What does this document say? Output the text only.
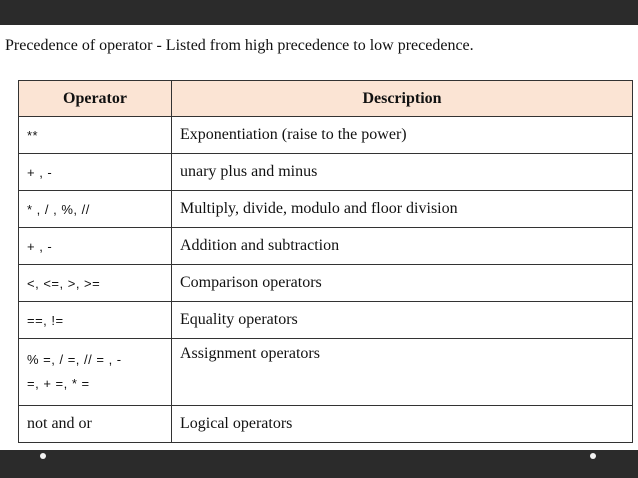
Precedence of operator - Listed from high precedence to low precedence.
Operator	Description
**	Exponentiation (raise to the power)
+ , -	unary plus and minus
* , / , %, //	Multiply, divide, modulo and floor division
+ , -	Addition and subtraction
<, <=, >, >=	Comparison operators
==, !=	Equality operators

% =, / =, // = , -
=, + =, * =	Assignment operators
not and or	Logical operators
